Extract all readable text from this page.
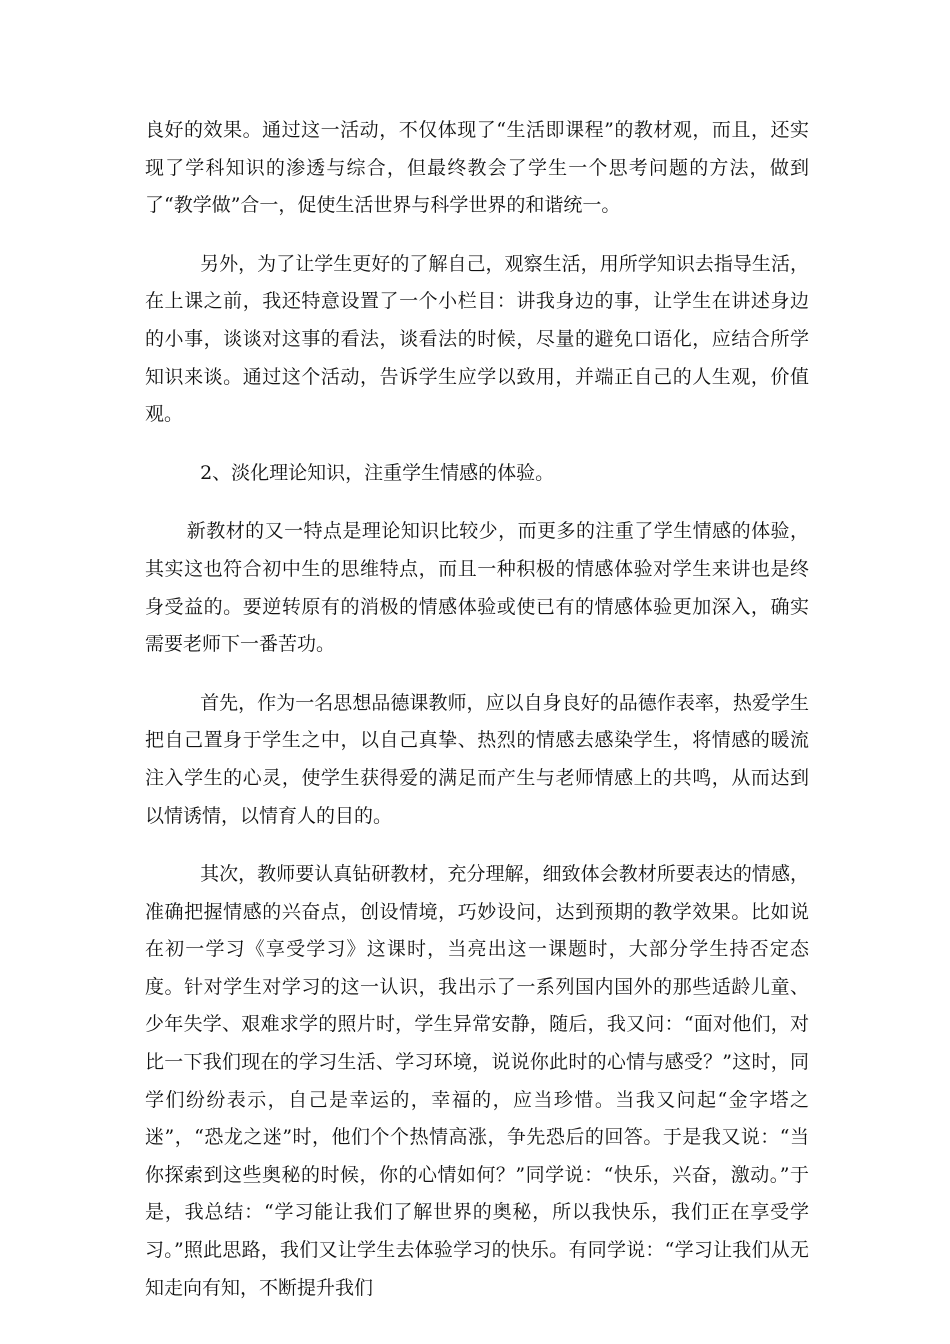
良好的效果。通过这一活动，不仅体现了“生活即课程”的教材观，而且，还实现了学科知识的渗透与综合，但最终教会了学生一个思考问题的方法，做到了“教学做”合一，促使生活世界与科学世界的和谐统一。

另外，为了让学生更好的了解自己，观察生活，用所学知识去指导生活，在上课之前，我还特意设置了一个小栏目：讲我身边的事，让学生在讲述身边的小事，谈谈对这事的看法，谈看法的时候，尽量的避免口语化，应结合所学知识来谈。通过这个活动，告诉学生应学以致用，并端正自己的人生观，价值观。

2、淡化理论知识，注重学生情感的体验。

新教材的又一特点是理论知识比较少，而更多的注重了学生情感的体验，其实这也符合初中生的思维特点，而且一种积极的情感体验对学生来讲也是终身受益的。要逆转原有的消极的情感体验或使已有的情感体验更加深入，确实需要老师下一番苦功。

首先，作为一名思想品德课教师，应以自身良好的品德作表率，热爱学生把自己置身于学生之中，以自己真挚、热烈的情感去感染学生，将情感的暖流注入学生的心灵，使学生获得爱的满足而产生与老师情感上的共鸣，从而达到以情诱情，以情育人的目的。

其次，教师要认真钻研教材，充分理解，细致体会教材所要表达的情感，准确把握情感的兴奋点，创设情境，巧妙设问，达到预期的教学效果。比如说在初一学习《享受学习》这课时，当亮出这一课题时，大部分学生持否定态度。针对学生对学习的这一认识，我出示了一系列国内国外的那些适龄儿童、少年失学、艰难求学的照片时，学生异常安静，随后，我又问：“面对他们，对比一下我们现在的学习生活、学习环境，说说你此时的心情与感受？”这时，同学们纷纷表示，自己是幸运的，幸福的，应当珍惜。当我又问起“金字塔之迷”，“恐龙之迷”时，他们个个热情高涨，争先恐后的回答。于是我又说：“当你探索到这些奥秘的时候，你的心情如何？”同学说：“快乐，兴奋，激动。”于是，我总结：“学习能让我们了解世界的奥秘，所以我快乐，我们正在享受学习。”照此思路，我们又让学生去体验学习的快乐。有同学说：“学习让我们从无知走向有知，不断提升我们
